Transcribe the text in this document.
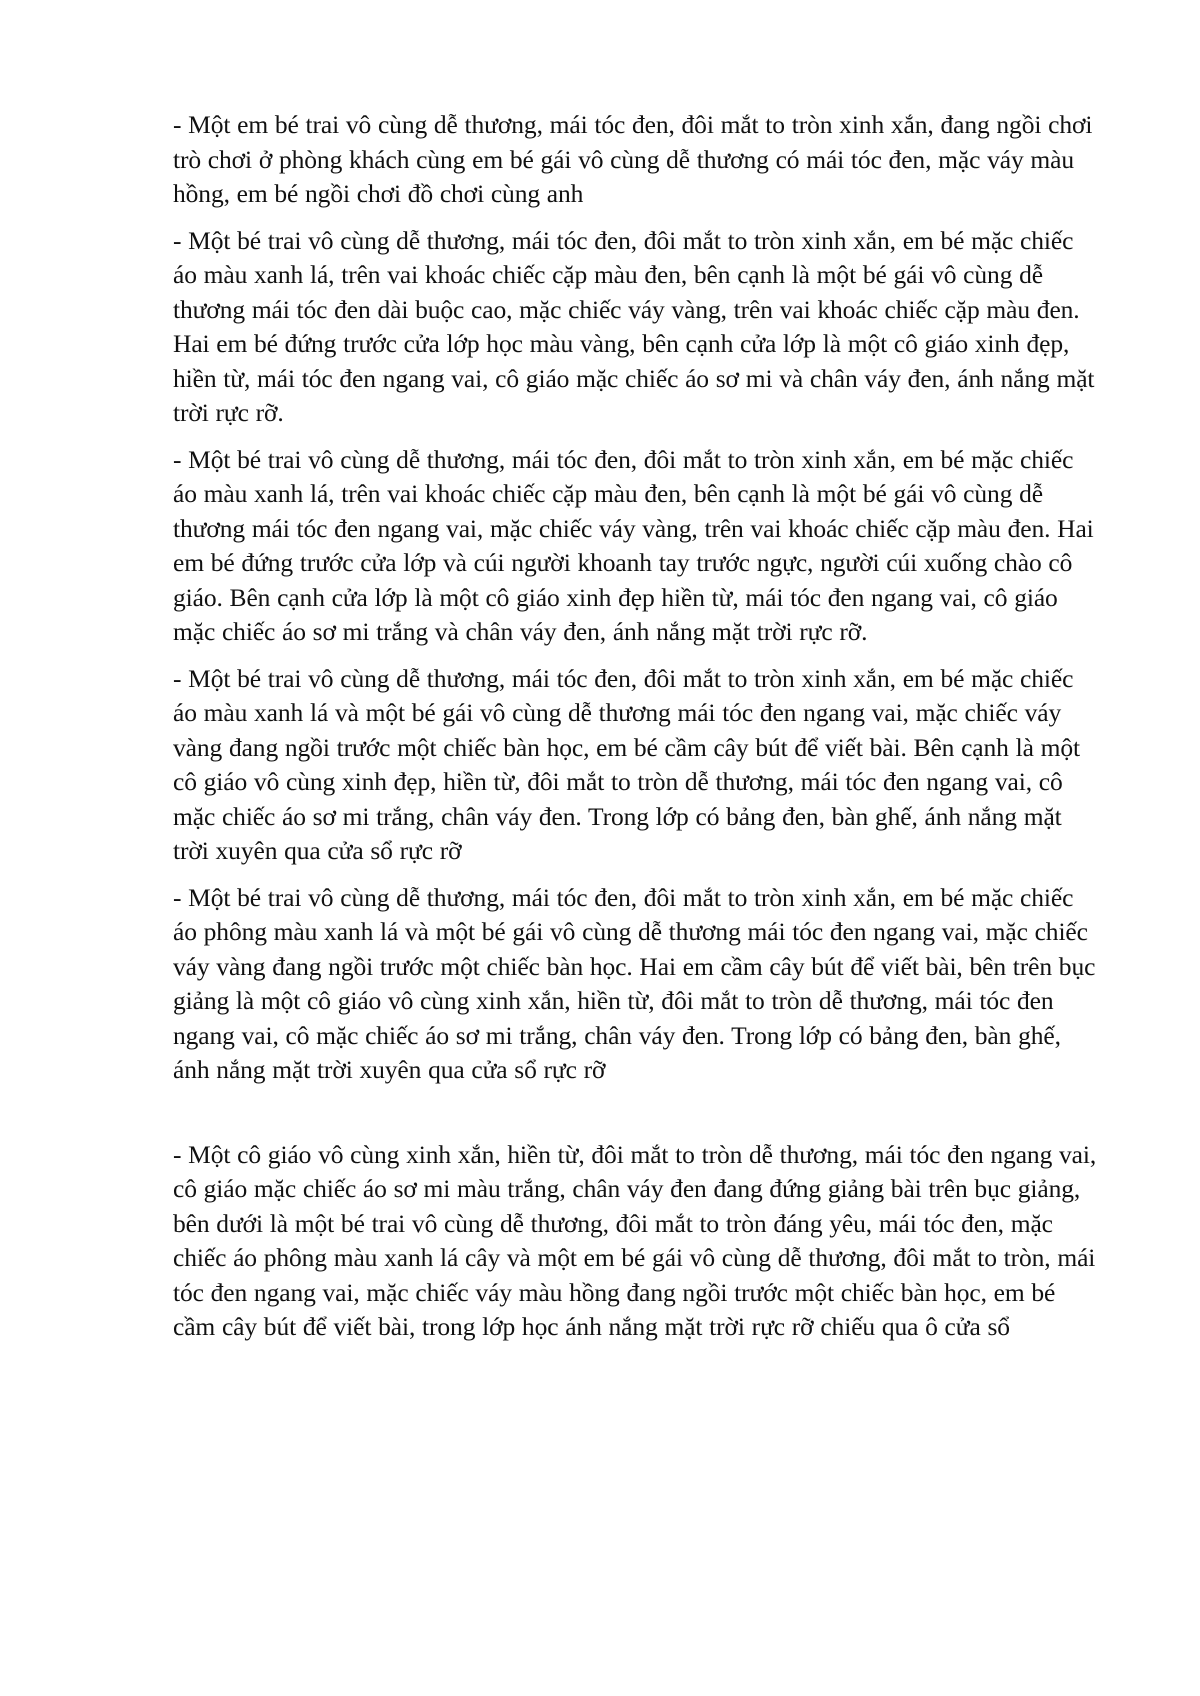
- Một em bé trai vô cùng dễ thương, mái tóc đen, đôi mắt to tròn xinh xắn, đang ngồi chơi trò chơi ở phòng khách cùng em bé gái vô cùng dễ thương có mái tóc đen, mặc váy màu hồng, em bé ngồi chơi đồ chơi cùng anh

- Một bé trai vô cùng dễ thương, mái tóc đen, đôi mắt to tròn xinh xắn, em bé mặc chiếc áo màu xanh lá, trên vai khoác chiếc cặp màu đen, bên cạnh là một bé gái vô cùng dễ thương mái tóc đen dài buộc cao, mặc chiếc váy vàng, trên vai khoác chiếc cặp màu đen. Hai em bé đứng trước cửa lớp học màu vàng, bên cạnh cửa lớp là một cô giáo xinh đẹp, hiền từ, mái tóc đen ngang vai, cô giáo mặc chiếc áo sơ mi và chân váy đen, ánh nắng mặt trời rực rỡ.

- Một bé trai vô cùng dễ thương, mái tóc đen, đôi mắt to tròn xinh xắn, em bé mặc chiếc áo màu xanh lá, trên vai khoác chiếc cặp màu đen, bên cạnh là một bé gái vô cùng dễ thương mái tóc đen ngang vai, mặc chiếc váy vàng, trên vai khoác chiếc cặp màu đen. Hai em bé đứng trước cửa lớp và cúi người khoanh tay trước ngực, người cúi xuống chào cô giáo. Bên cạnh cửa lớp là một cô giáo xinh đẹp hiền từ, mái tóc đen ngang vai, cô giáo mặc chiếc áo sơ mi trắng và chân váy đen, ánh nắng mặt trời rực rỡ.

- Một bé trai vô cùng dễ thương, mái tóc đen, đôi mắt to tròn xinh xắn, em bé mặc chiếc áo màu xanh lá và một bé gái vô cùng dễ thương mái tóc đen ngang vai, mặc chiếc váy vàng đang ngồi trước một chiếc bàn học, em bé cầm cây bút để viết bài. Bên cạnh là một cô giáo vô cùng xinh đẹp, hiền từ, đôi mắt to tròn dễ thương, mái tóc đen ngang vai, cô mặc chiếc áo sơ mi trắng, chân váy đen. Trong lớp có bảng đen, bàn ghế, ánh nắng mặt trời xuyên qua cửa sổ rực rỡ

- Một bé trai vô cùng dễ thương, mái tóc đen, đôi mắt to tròn xinh xắn, em bé mặc chiếc áo phông màu xanh lá và một bé gái vô cùng dễ thương mái tóc đen ngang vai, mặc chiếc váy vàng đang ngồi trước một chiếc bàn học. Hai em cầm cây bút để viết bài, bên trên bục giảng là một cô giáo vô cùng xinh xắn, hiền từ, đôi mắt to tròn dễ thương, mái tóc đen ngang vai, cô mặc chiếc áo sơ mi trắng, chân váy đen. Trong lớp có bảng đen, bàn ghế, ánh nắng mặt trời xuyên qua cửa sổ rực rỡ

- Một cô giáo vô cùng xinh xắn, hiền từ, đôi mắt to tròn dễ thương, mái tóc đen ngang vai, cô giáo mặc chiếc áo sơ mi màu trắng, chân váy đen đang đứng giảng bài trên bục giảng, bên dưới là một bé trai vô cùng dễ thương, đôi mắt to tròn đáng yêu, mái tóc đen, mặc chiếc áo phông màu xanh lá cây và một em bé gái vô cùng dễ thương, đôi mắt to tròn, mái tóc đen ngang vai, mặc chiếc váy màu hồng đang ngồi trước một chiếc bàn học, em bé cầm cây bút để viết bài, trong lớp học ánh nắng mặt trời rực rỡ chiếu qua ô cửa sổ
